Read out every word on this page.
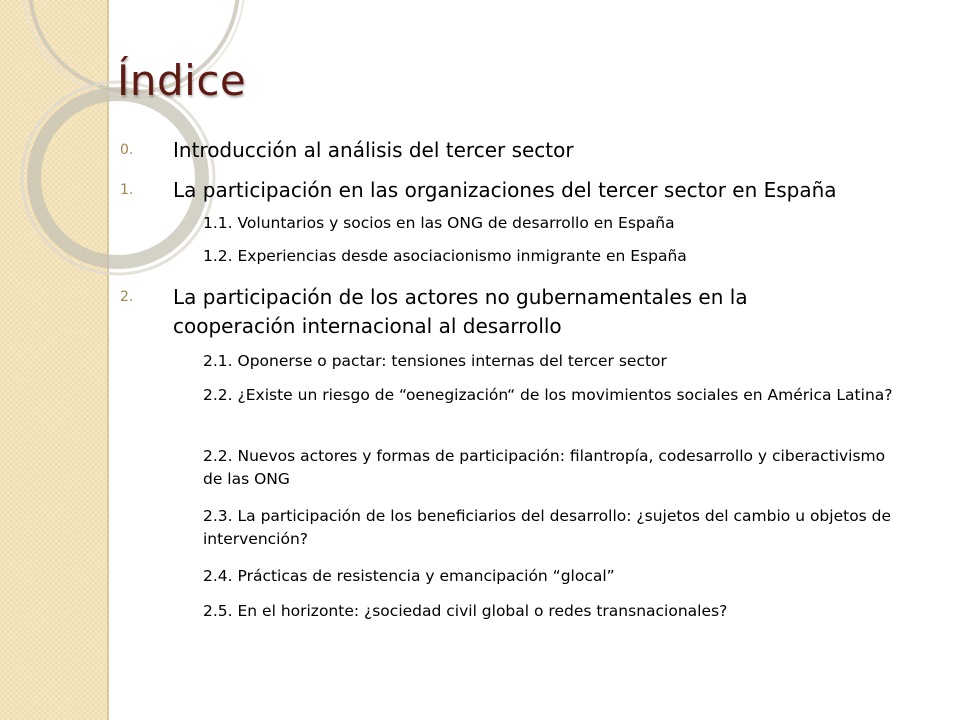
Índice
0. Introducción al análisis del tercer sector
1. La participación en las organizaciones del tercer sector en España

1.1. Voluntarios y socios en las ONG de desarrollo en España

1.2. Experiencias desde asociacionismo inmigrante en España

2. La participación de los actores no gubernamentales en la cooperación internacional al desarrollo

2.1. Oponerse o pactar: tensiones internas del tercer sector

2.2. ¿Existe un riesgo de “oenegización“ de los movimientos sociales en América Latina?

2.2. Nuevos actores y formas de participación: filantropía, codesarrollo y ciberactivismo de las ONG

2.3. La participación de los beneficiarios del desarrollo: ¿sujetos del cambio u objetos de intervención?

2.4. Prácticas de resistencia y emancipación “glocal”

2.5. En el horizonte: ¿sociedad civil global o redes transnacionales?
